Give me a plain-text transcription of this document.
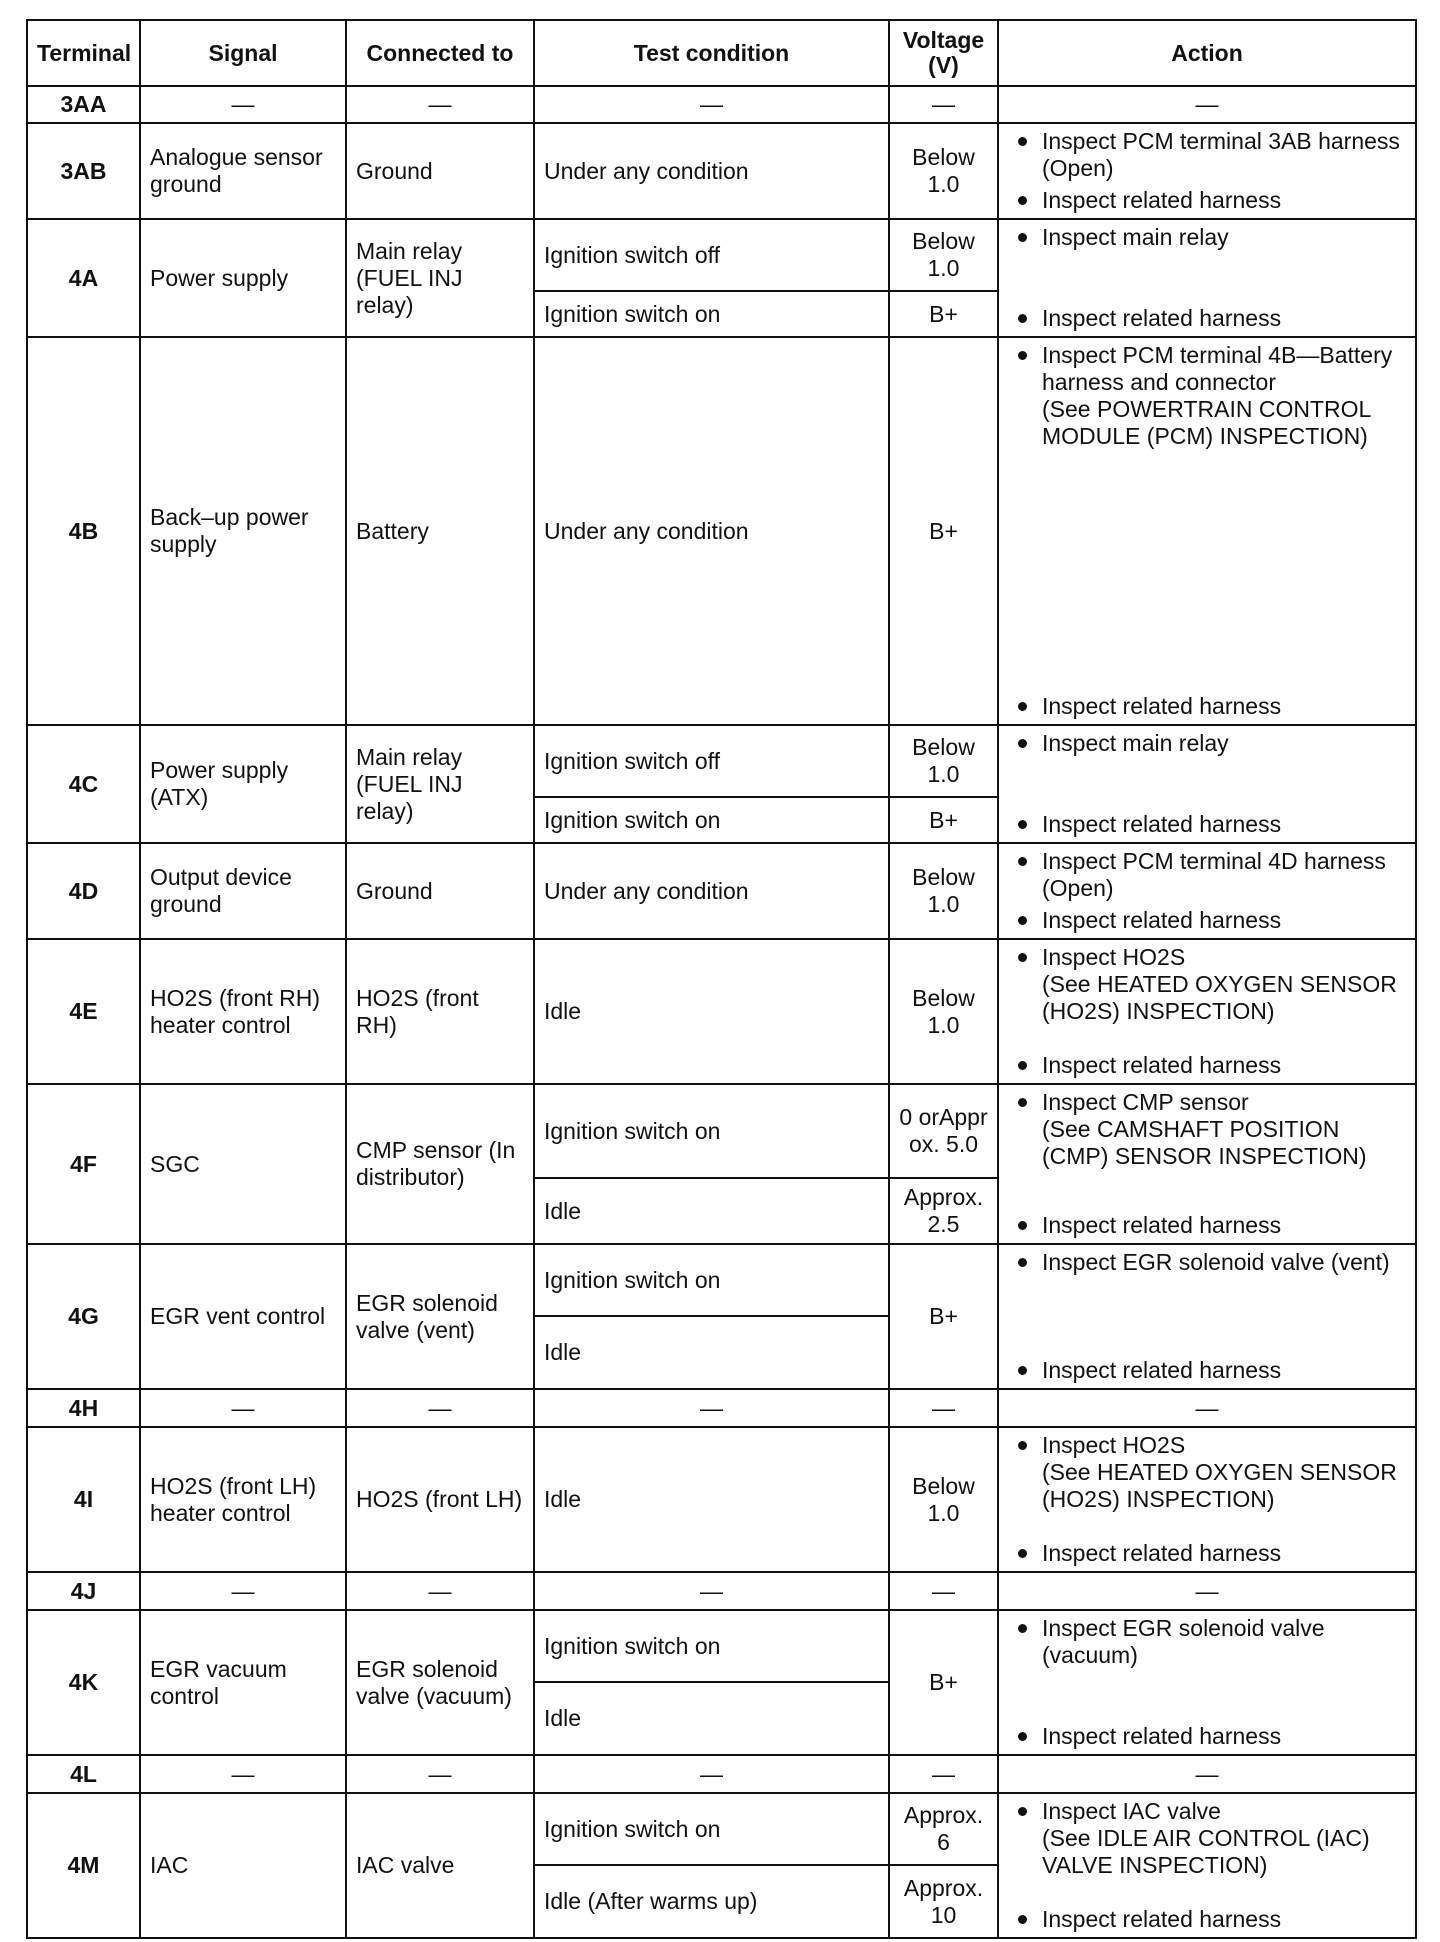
Terminal	Signal	Connected to	Test condition	Voltage (V)	Action
3AA	—	—	—	—	—
3AB	Analogue sensor ground	Ground	Under any condition	Below 1.0	Inspect PCM terminal 3AB harness (Open)
Inspect related harness

4A	Power supply	Main relay (FUEL INJ relay)	Ignition switch off	Below 1.0	Inspect main relay
Inspect related harness

			Ignition switch on	B+	
4B	Back–up power supply	Battery	Under any condition	B+	Inspect PCM terminal 4B—Battery harness and connector
(See POWERTRAIN CONTROL MODULE (PCM) INSPECTION)
Inspect related harness

4C	Power supply (ATX)	Main relay (FUEL INJ relay)	Ignition switch off	Below 1.0	Inspect main relay
Inspect related harness

			Ignition switch on	B+	
4D	Output device ground	Ground	Under any condition	Below 1.0	Inspect PCM terminal 4D harness (Open)
Inspect related harness

4E	HO2S (front RH) heater control	HO2S (front RH)	Idle	Below 1.0	Inspect HO2S
(See HEATED OXYGEN SENSOR (HO2S) INSPECTION)
Inspect related harness

4F	SGC	CMP sensor (In distributor)	Ignition switch on	0 orAppr ox. 5.0	Inspect CMP sensor
(See CAMSHAFT POSITION (CMP) SENSOR INSPECTION)
Inspect related harness

			Idle	Approx. 2.5	
4G	EGR vent control	EGR solenoid valve (vent)	Ignition switch on	B+	Inspect EGR solenoid valve (vent)
Inspect related harness

			Idle		
4H	—	—	—	—	—
4I	HO2S (front LH) heater control	HO2S (front LH)	Idle	Below 1.0	Inspect HO2S
(See HEATED OXYGEN SENSOR (HO2S) INSPECTION)
Inspect related harness

4J	—	—	—	—	—
4K	EGR vacuum control	EGR solenoid valve (vacuum)	Ignition switch on	B+	Inspect EGR solenoid valve (vacuum)
Inspect related harness

			Idle		
4L	—	—	—	—	—
4M	IAC	IAC valve	Ignition switch on	Approx. 6	Inspect IAC valve
(See IDLE AIR CONTROL (IAC) VALVE INSPECTION)
Inspect related harness

			Idle (After warms up)	Approx. 10	
